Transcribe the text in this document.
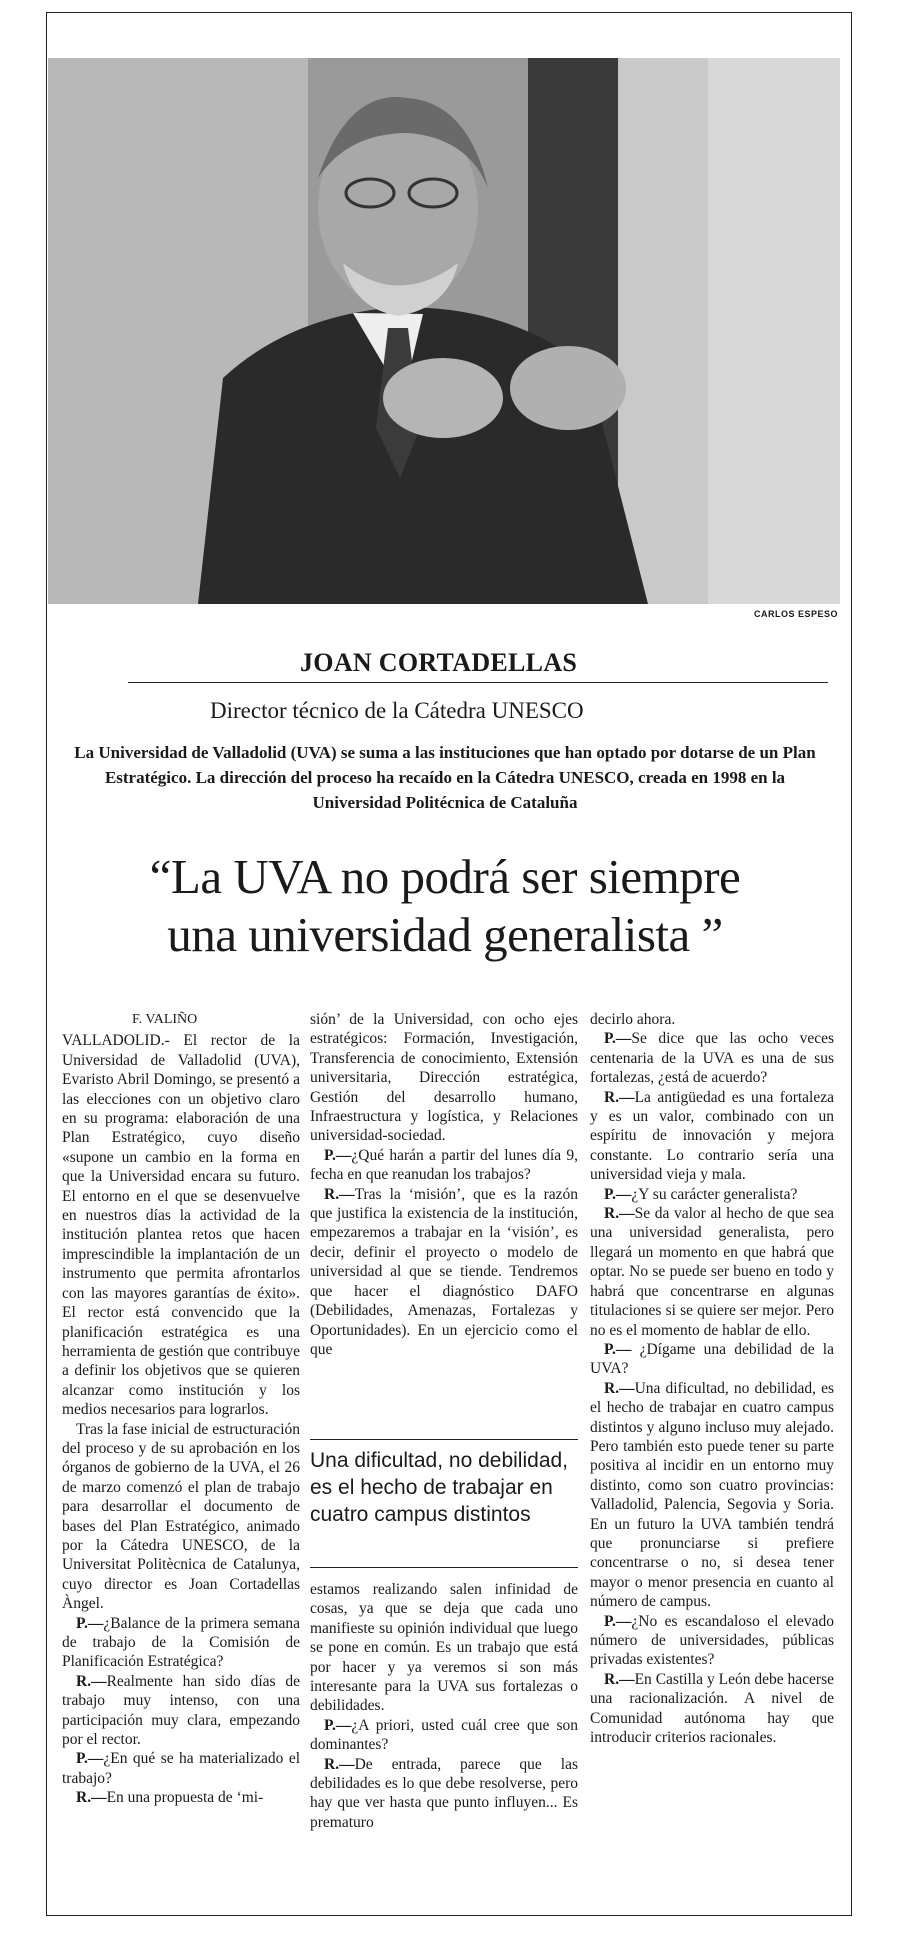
CARLOS ESPESO
JOAN CORTADELLAS
Director técnico de la Cátedra UNESCO
La Universidad de Valladolid (UVA) se suma a las instituciones que han optado por dotarse de un Plan Estratégico. La dirección del proceso ha recaído en la Cátedra UNESCO, creada en 1998 en la Universidad Politécnica de Cataluña
“La UVA no podrá ser siempre
una universidad generalista ”
F. VALIÑO

VALLADOLID.- El rector de la Universidad de Valladolid (UVA), Evaristo Abril Domingo, se presentó a las elecciones con un objetivo claro en su programa: elaboración de una Plan Estratégico, cuyo diseño «supone un cambio en la forma en que la Universidad encara su futuro. El entorno en el que se desenvuelve en nuestros días la actividad de la institución plantea retos que hacen imprescindible la implantación de un instrumento que permita afrontarlos con las mayores garantías de éxito». El rector está convencido que la planificación estratégica es una herramienta de gestión que contribuye a definir los objetivos que se quieren alcanzar como institución y los medios necesarios para lograrlos.

Tras la fase inicial de estructuración del proceso y de su aprobación en los órganos de gobierno de la UVA, el 26 de marzo comenzó el plan de trabajo para desarrollar el documento de bases del Plan Estratégico, animado por la Cátedra UNESCO, de la Universitat Politècnica de Catalunya, cuyo director es Joan Cortadellas Àngel.

P.—¿Balance de la primera semana de trabajo de la Comisión de Planificación Estratégica?

R.—Realmente han sido días de trabajo muy intenso, con una participación muy clara, empezando por el rector.

P.—¿En qué se ha materializado el trabajo?

R.—En una propuesta de ‘mi-

sión’ de la Universidad, con ocho ejes estratégicos: Formación, Investigación, Transferencia de conocimiento, Extensión universitaria, Dirección estratégica, Gestión del desarrollo humano, Infraestructura y logística, y Relaciones universidad-sociedad.

P.—¿Qué harán a partir del lunes día 9, fecha en que reanudan los trabajos?

R.—Tras la ‘misión’, que es la razón que justifica la existencia de la institución, empezaremos a trabajar en la ‘visión’, es decir, definir el proyecto o modelo de universidad al que se tiende. Tendremos que hacer el diagnóstico DAFO (Debilidades, Amenazas, Fortalezas y Oportunidades). En un ejercicio como el que

Una dificultad, no debilidad, es el hecho de trabajar en cuatro campus distintos

estamos realizando salen infinidad de cosas, ya que se deja que cada uno manifieste su opinión individual que luego se pone en común. Es un trabajo que está por hacer y ya veremos si son más interesante para la UVA sus fortalezas o debilidades.

P.—¿A priori, usted cuál cree que son dominantes?

R.—De entrada, parece que las debilidades es lo que debe resolverse, pero hay que ver hasta que punto influyen... Es prematuro

decirlo ahora.

P.—Se dice que las ocho veces centenaria de la UVA es una de sus fortalezas, ¿está de acuerdo?

R.—La antigüedad es una fortaleza y es un valor, combinado con un espíritu de innovación y mejora constante. Lo contrario sería una universidad vieja y mala.

P.—¿Y su carácter generalista?

R.—Se da valor al hecho de que sea una universidad generalista, pero llegará un momento en que habrá que optar. No se puede ser bueno en todo y habrá que concentrarse en algunas titulaciones si se quiere ser mejor. Pero no es el momento de hablar de ello.

P.— ¿Dígame una debilidad de la UVA?

R.—Una dificultad, no debilidad, es el hecho de trabajar en cuatro campus distintos y alguno incluso muy alejado. Pero también esto puede tener su parte positiva al incidir en un entorno muy distinto, como son cuatro provincias: Valladolid, Palencia, Segovia y Soria. En un futuro la UVA también tendrá que pronunciarse si prefiere concentrarse o no, si desea tener mayor o menor presencia en cuanto al número de campus.

P.—¿No es escandaloso el elevado número de universidades, públicas privadas existentes?

R.—En Castilla y León debe hacerse una racionalización. A nivel de Comunidad autónoma hay que introducir criterios racionales.
